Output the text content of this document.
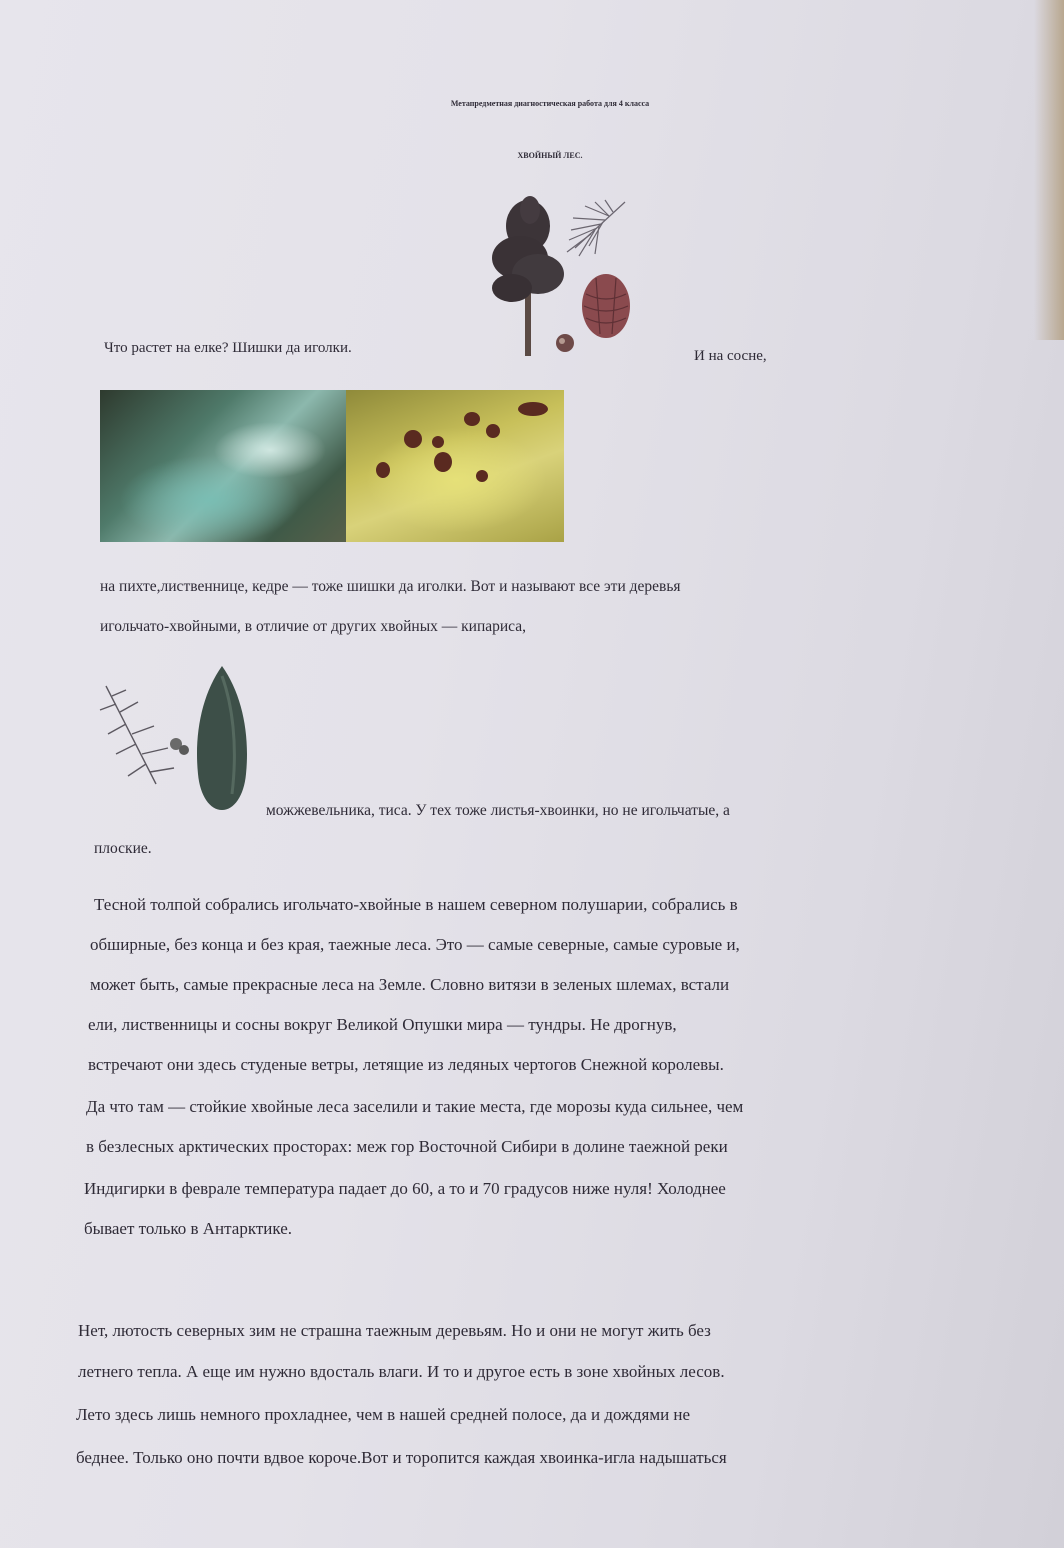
Метапредметная диагностическая работа для 4 класса

ХВОЙНЫЙ ЛЕС.

Что растет на елке? Шишки да иголки.	И на сосне,

на пихте,лиственнице, кедре — тоже шишки да иголки. Вот и называют все эти деревья

игольчато-хвойными, в отличие от других хвойных — кипариса,

можжевельника, тиса. У тех тоже листья-хвоинки, но не игольчатые, а

плоские.

Тесной толпой собрались игольчато-хвойные в нашем северном полушарии, собрались в

обширные, без конца и без края, таежные леса. Это — самые северные, самые суровые и,

может быть, самые прекрасные леса на Земле. Словно витязи в зеленых шлемах, встали

ели, лиственницы и сосны вокруг Великой Опушки мира — тундры. Не дрогнув,

встречают они здесь студеные ветры, летящие из ледяных чертогов Снежной королевы.

Да что там — стойкие хвойные леса заселили и такие места, где морозы куда сильнее, чем

в безлесных арктических просторах: меж гор Восточной Сибири в долине таежной реки

Индигирки в феврале температура падает до 60, а то и 70 градусов ниже нуля! Холоднее

бывает только в Антарктике.

Нет, лютость северных зим не страшна таежным деревьям. Но и они не могут жить без

летнего тепла. А еще им нужно вдосталь влаги. И то и другое есть в зоне хвойных лесов.

Лето здесь лишь немного прохладнее, чем в нашей средней полосе, да и дождями не

беднее. Только оно почти вдвое короче.Вот и торопится каждая хвоинка-игла надышаться
